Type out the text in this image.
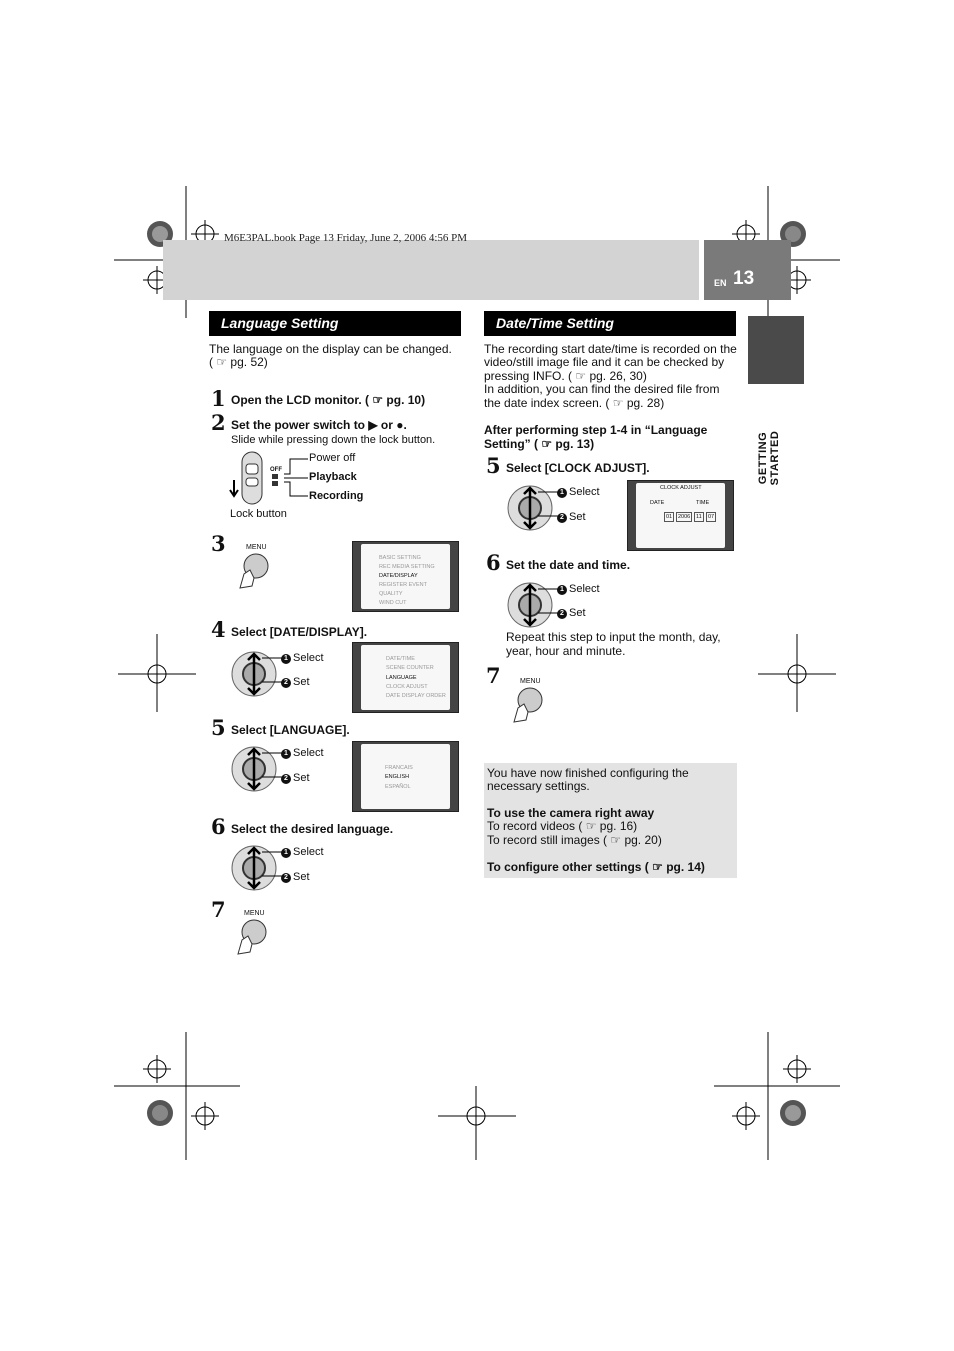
M6E3PAL.book Page 13 Friday, June 2, 2006 4:56 PM
EN 13
GETTING STARTED
Language Setting
The language on the display can be changed.
( ☞ pg. 52)
1 Open the LCD monitor. ( ☞ pg. 10)
2 Set the power switch to ▶ or ●.
Slide while pressing down the lock button.
OFF
Power off
Playback
Recording
Lock button
3	MENU
BASIC SETTING
REC MEDIA SETTING
DATE/DISPLAY
REGISTER EVENT
QUALITY
WIND CUT
4 Select [DATE/DISPLAY].
1 Select
2 Set
DATE/TIME
SCENE COUNTER
LANGUAGE
CLOCK ADJUST
DATE DISPLAY ORDER
5 Select [LANGUAGE].
1 Select
2 Set
FRANCAIS
ENGLISH
ESPAÑOL
6 Select the desired language.
1 Select
2 Set
7	MENU
Date/Time Setting
The recording start date/time is recorded on the
video/still image file and it can be checked by
pressing INFO. ( ☞ pg. 26, 30)
In addition, you can find the desired file from
the date index screen. ( ☞ pg. 28)
After performing step 1-4 in “Language
Setting” ( ☞ pg. 13)
5 Select [CLOCK ADJUST].
1 Select
2 Set
CLOCK ADJUST
DATE	TIME
01	2006	11	07
6 Set the date and time.
1 Select
2 Set
Repeat this step to input the month, day,
year, hour and minute.
7	MENU
You have now finished configuring the
necessary settings.
To use the camera right away
To record videos ( ☞ pg. 16)
To record still images ( ☞ pg. 20)
To configure other settings ( ☞ pg. 14)
